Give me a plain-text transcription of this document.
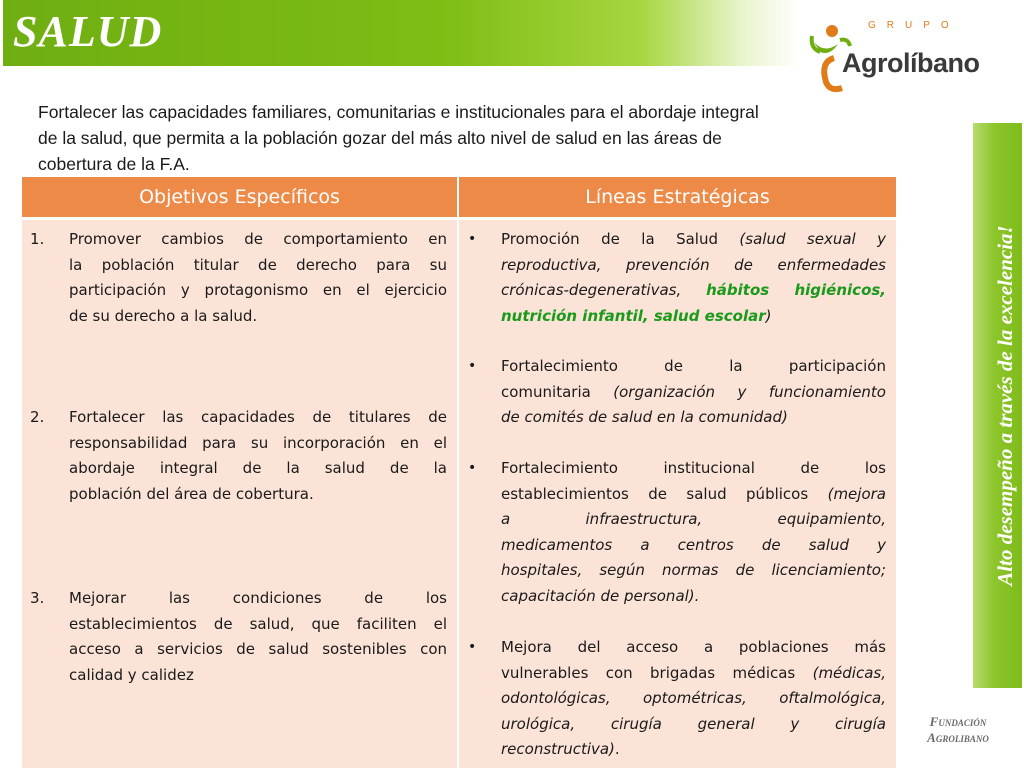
SALUD	GRUPO
Agrolíbano
Fortalecer las capacidades familiares, comunitarias e institucionales para el abordaje integral
de la salud, que permita a la población gozar del más alto nivel de salud en las áreas de
cobertura de la F.A.
Alto desempeño a través de la excelencia!
Objetivos Específicos	Líneas Estratégicas
1. Promover cambios de comportamiento en
la población titular de derecho para su
participación y protagonismo en el ejercicio
de su derecho a la salud.
2. Fortalecer las capacidades de titulares de
responsabilidad para su incorporación en el
abordaje integral de la salud de la
población del área de cobertura.
3. Mejorar las condiciones de los
establecimientos de salud, que faciliten el
acceso a servicios de salud sostenibles con
calidad y calidez
• Promoción de la Salud (salud sexual y
reproductiva, prevención de enfermedades
crónicas-degenerativas, hábitos higiénicos,
nutrición infantil, salud escolar)
• Fortalecimiento de la participación
comunitaria (organización y funcionamiento
de comités de salud en la comunidad)
• Fortalecimiento institucional de los
establecimientos de salud públicos (mejora
a infraestructura, equipamiento,
medicamentos a centros de salud y
hospitales, según normas de licenciamiento;
capacitación de personal).
• Mejora del acceso a poblaciones más
vulnerables con brigadas médicas (médicas,
odontológicas, optométricas, oftalmológica,
urológica, cirugía general y cirugía
reconstructiva).
Fundación
Agrolibano
